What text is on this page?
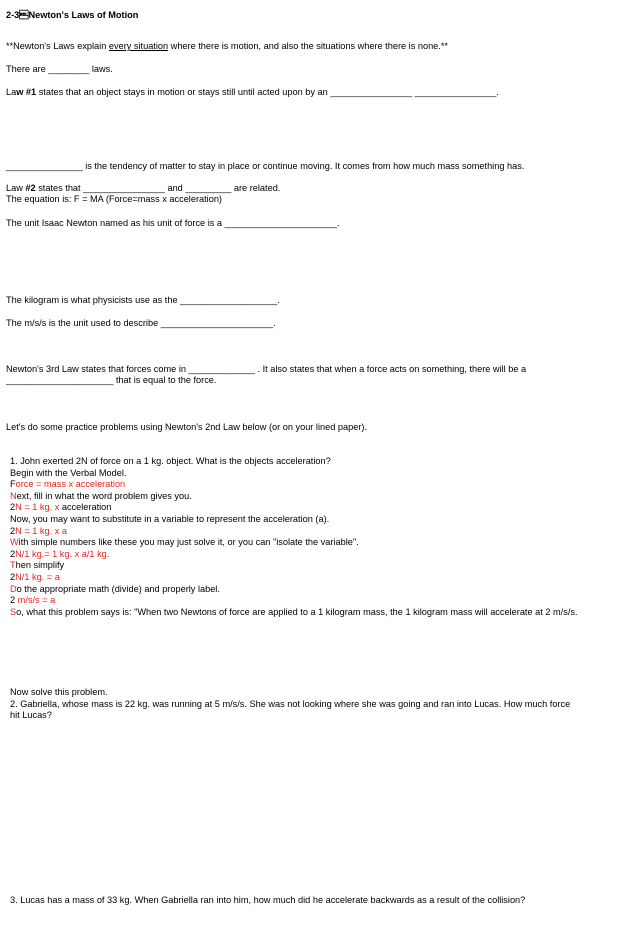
2-3Newton's Laws of Motion
**Newton's Laws explain every situation where there is motion, and also the situations where there is none.**
There are ________ laws.
Law #1 states that an object stays in motion or stays still until acted upon by an ________________ ________________.
_______________ is the tendency of matter to stay in place or continue moving. It comes from how much mass something has.
Law #2 states that ________________ and _________ are related.
The equation is: F = MA (Force=mass x acceleration)
The unit Isaac Newton named as his unit of force is a ______________________.
The kilogram is what physicists use as the ___________________.
The m/s/s is the unit used to describe ______________________.
Newton's 3rd Law states that forces come in _____________ . It also states that when a force acts on something, there will be a
_____________________ that is equal to the force.
Let's do some practice problems using Newton's 2nd Law below (or on your lined paper).
1. John exerted 2N of force on a 1 kg. object. What is the objects acceleration?
Begin with the Verbal Model.
Force = mass x acceleration
Next, fill in what the word problem gives you.
2N = 1 kg. x acceleration
Now, you may want to substitute in a variable to represent the acceleration (a).
2N = 1 kg. x a
With simple numbers like these you may just solve it, or you can "isolate the variable".
2N/1 kg.= 1 kg. x a/1 kg.
Then simplify
2N/1 kg. = a
Do the appropriate math (divide) and properly label.
2 m/s/s = a
So, what this problem says is: "When two Newtons of force are applied to a 1 kilogram mass, the 1 kilogram mass will accelerate at 2 m/s/s.
Now solve this problem.
2. Gabriella, whose mass is 22 kg. was running at 5 m/s/s. She was not looking where she was going and ran into Lucas. How much force
hit Lucas?
3. Lucas has a mass of 33 kg. When Gabriella ran into him, how much did he accelerate backwards as a result of the collision?
